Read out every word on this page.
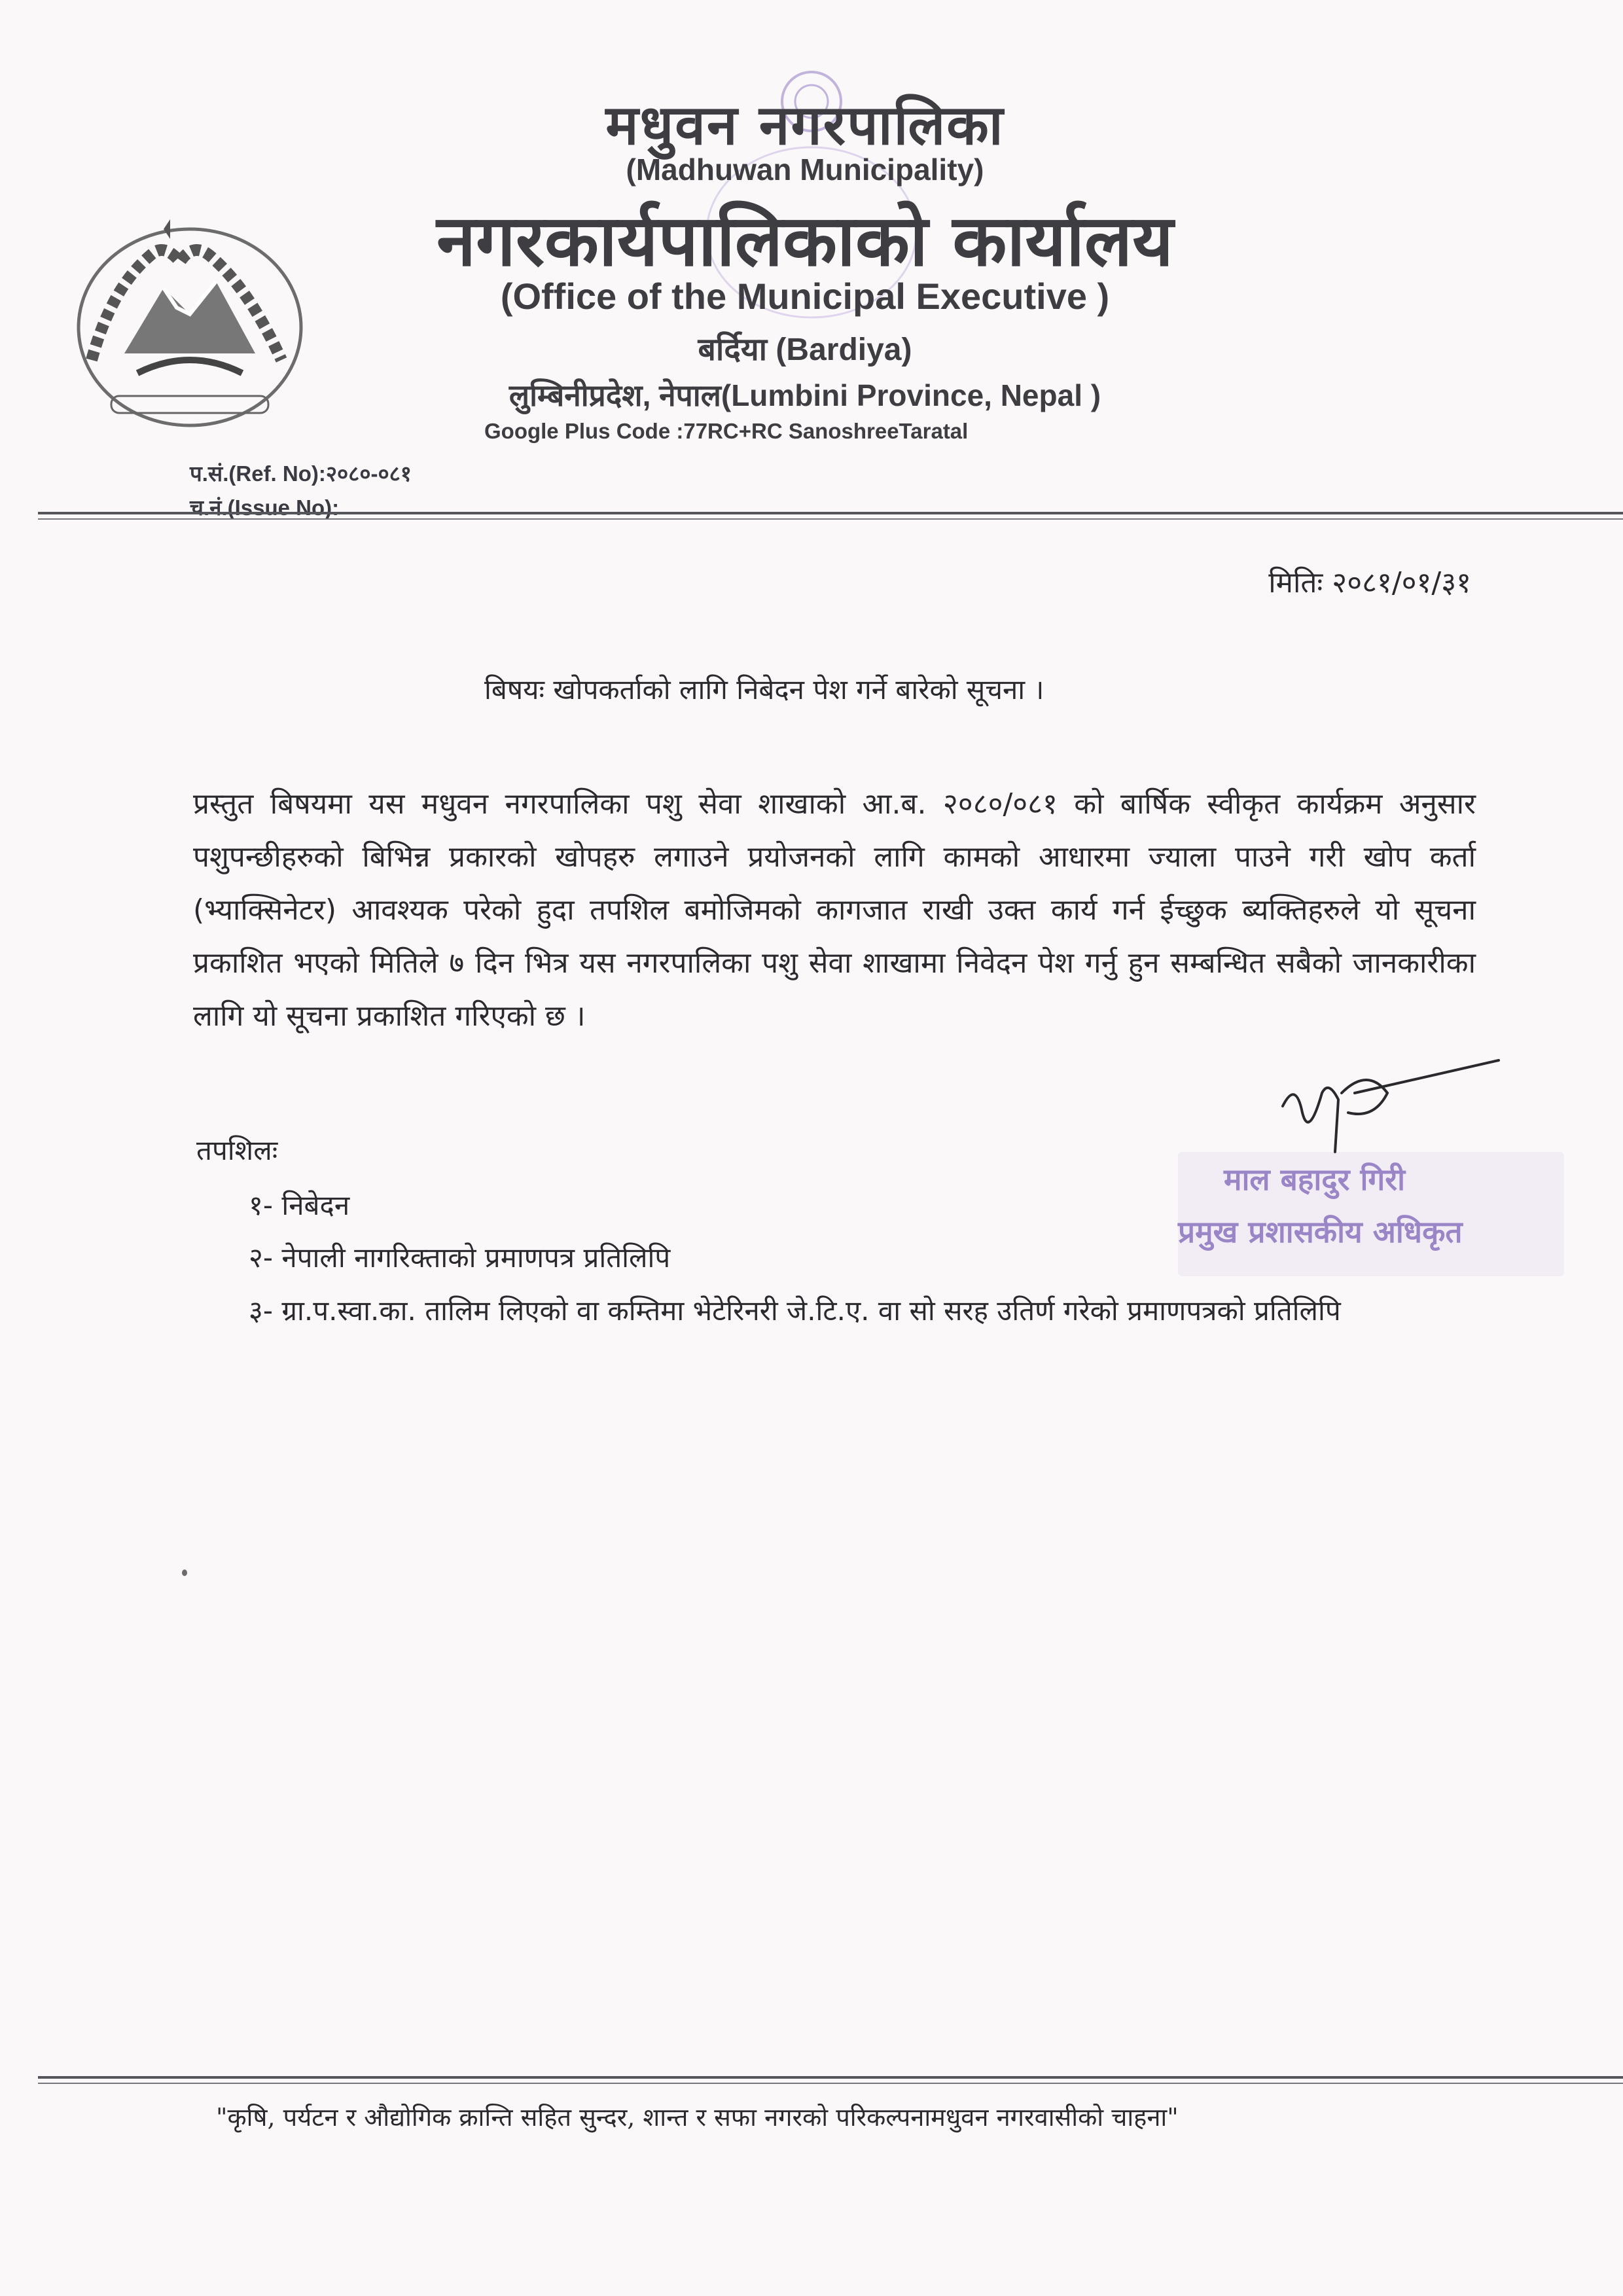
मधुवन नगरपालिका
(Madhuwan Municipality)
नगरकार्यपालिकाको कार्यालय
(Office of the Municipal Executive )
बर्दिया (Bardiya)
लुम्बिनीप्रदेश, नेपाल(Lumbini Province, Nepal )
Google Plus Code :77RC+RC SanoshreeTaratal
प.सं.(Ref. No):२०८०-०८१
च.नं.(Issue No):
मितिः २०८१/०१/३१
बिषयः खोपकर्ताको लागि निबेदन पेश गर्ने बारेको सूचना ।
प्रस्तुत बिषयमा यस मधुवन नगरपालिका पशु सेवा शाखाको आ.ब. २०८०/०८१ को बार्षिक स्वीकृत कार्यक्रम अनुसार पशुपन्छीहरुको बिभिन्न प्रकारको खोपहरु लगाउने प्रयोजनको लागि कामको आधारमा ज्याला पाउने गरी खोप कर्ता (भ्याक्सिनेटर) आवश्यक परेको हुदा तपशिल बमोजिमको कागजात राखी उक्त कार्य गर्न ईच्छुक ब्यक्तिहरुले यो सूचना प्रकाशित भएको मितिले ७ दिन भित्र यस नगरपालिका पशु सेवा शाखामा निवेदन पेश गर्नु हुन सम्बन्धित सबैको जानकारीका लागि यो सूचना प्रकाशित गरिएको छ ।
माल बहादुर गिरी
प्रमुख प्रशासकीय अधिकृत
तपशिलः
१- निबेदन
२- नेपाली नागरिक्ताको प्रमाणपत्र प्रतिलिपि
३- ग्रा.प.स्वा.का. तालिम लिएको वा कम्तिमा भेटेरिनरी जे.टि.ए. वा सो सरह उतिर्ण गरेको प्रमाणपत्रको प्रतिलिपि
"कृषि, पर्यटन र औद्योगिक क्रान्ति सहित सुन्दर, शान्त र सफा नगरको परिकल्पनामधुवन नगरवासीको चाहना"
